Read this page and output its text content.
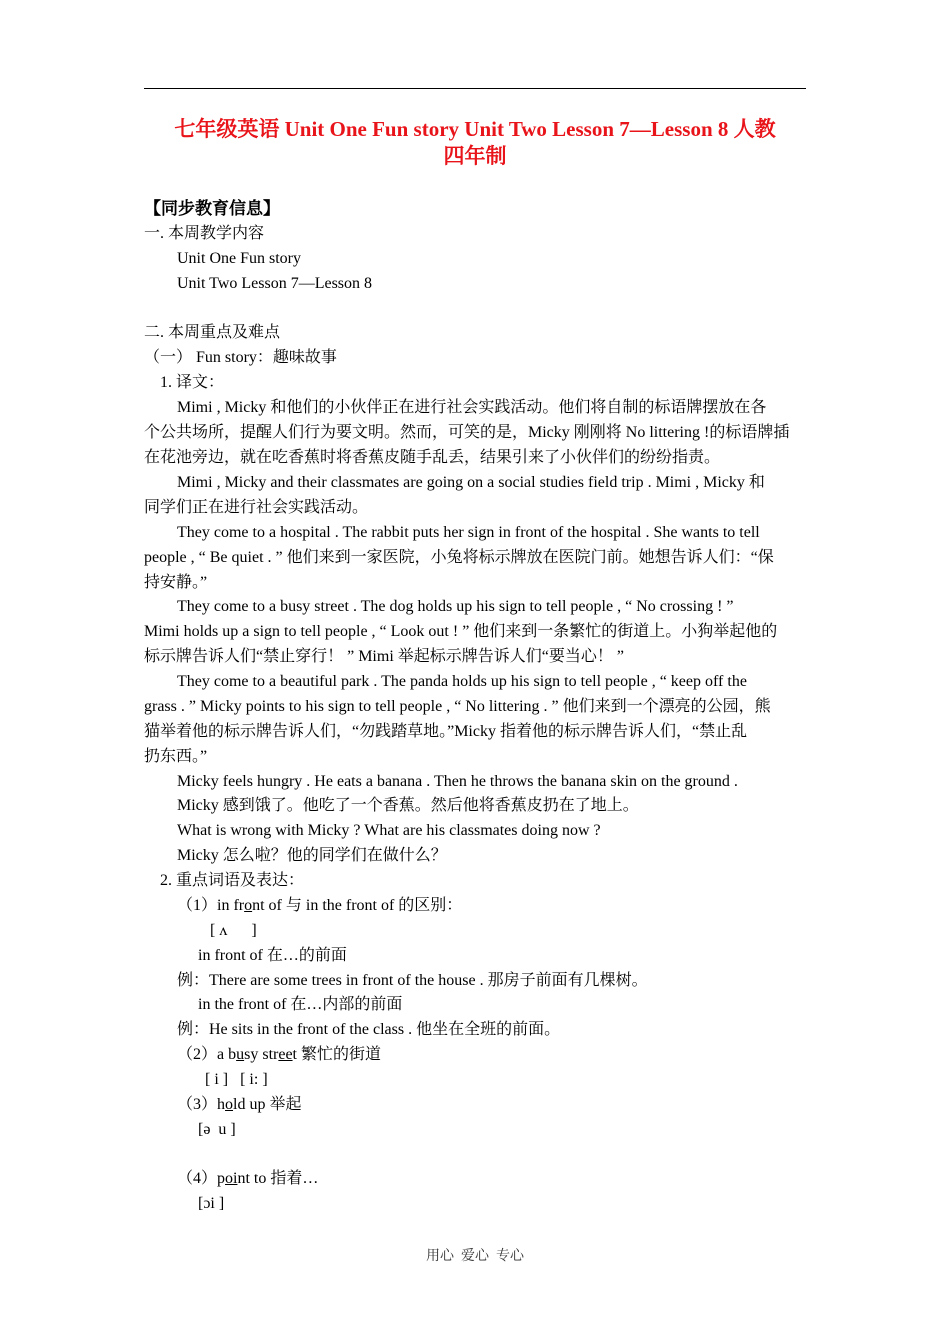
七年级英语 Unit One Fun story Unit Two Lesson 7—Lesson 8 人教
四年制
【同步教育信息】
一. 本周教学内容
Unit One Fun story
Unit Two Lesson 7—Lesson 8
二. 本周重点及难点
（一） Fun story：趣味故事
1. 译文：
Mimi , Micky 和他们的小伙伴正在进行社会实践活动。他们将自制的标语牌摆放在各
个公共场所，提醒人们行为要文明。然而，可笑的是，Micky 刚刚将 No littering !的标语牌插
在花池旁边，就在吃香蕉时将香蕉皮随手乱丢，结果引来了小伙伴们的纷纷指责。
Mimi , Micky and their classmates are going on a social studies field trip . Mimi , Micky 和
同学们正在进行社会实践活动。
They come to a hospital . The rabbit puts her sign in front of the hospital . She wants to tell
people , “ Be quiet . ” 他们来到一家医院，小兔将标示牌放在医院门前。她想告诉人们：“保
持安静。”
They come to a busy street . The dog holds up his sign to tell people , “ No crossing ! ”
Mimi holds up a sign to tell people , “ Look out ! ” 他们来到一条繁忙的街道上。小狗举起他的
标示牌告诉人们“禁止穿行！ ” Mimi 举起标示牌告诉人们“要当心！ ”
They come to a beautiful park . The panda holds up his sign to tell people , “ keep off the
grass . ” Micky points to his sign to tell people , “ No littering . ” 他们来到一个漂亮的公园，熊
猫举着他的标示牌告诉人们，“勿践踏草地。”Micky 指着他的标示牌告诉人们，“禁止乱
扔东西。”
Micky feels hungry . He eats a banana . Then he throws the banana skin on the ground .
Micky 感到饿了。他吃了一个香蕉。然后他将香蕉皮扔在了地上。
What is wrong with Micky ? What are his classmates doing now ?
Micky 怎么啦？他的同学们在做什么？
2. 重点词语及表达：
（1）in front of 与 in the front of 的区别：
[ ʌ      ]
in front of 在…的前面
例：There are some trees in front of the house . 那房子前面有几棵树。
in the front of 在…内部的前面
例：He sits in the front of the class . 他坐在全班的前面。
（2）a busy street 繁忙的街道
[ i ]   [ i: ]
（3）hold up 举起
[ə  u ]
（4）point to 指着…
[ɔi ]
用心  爱心  专心
